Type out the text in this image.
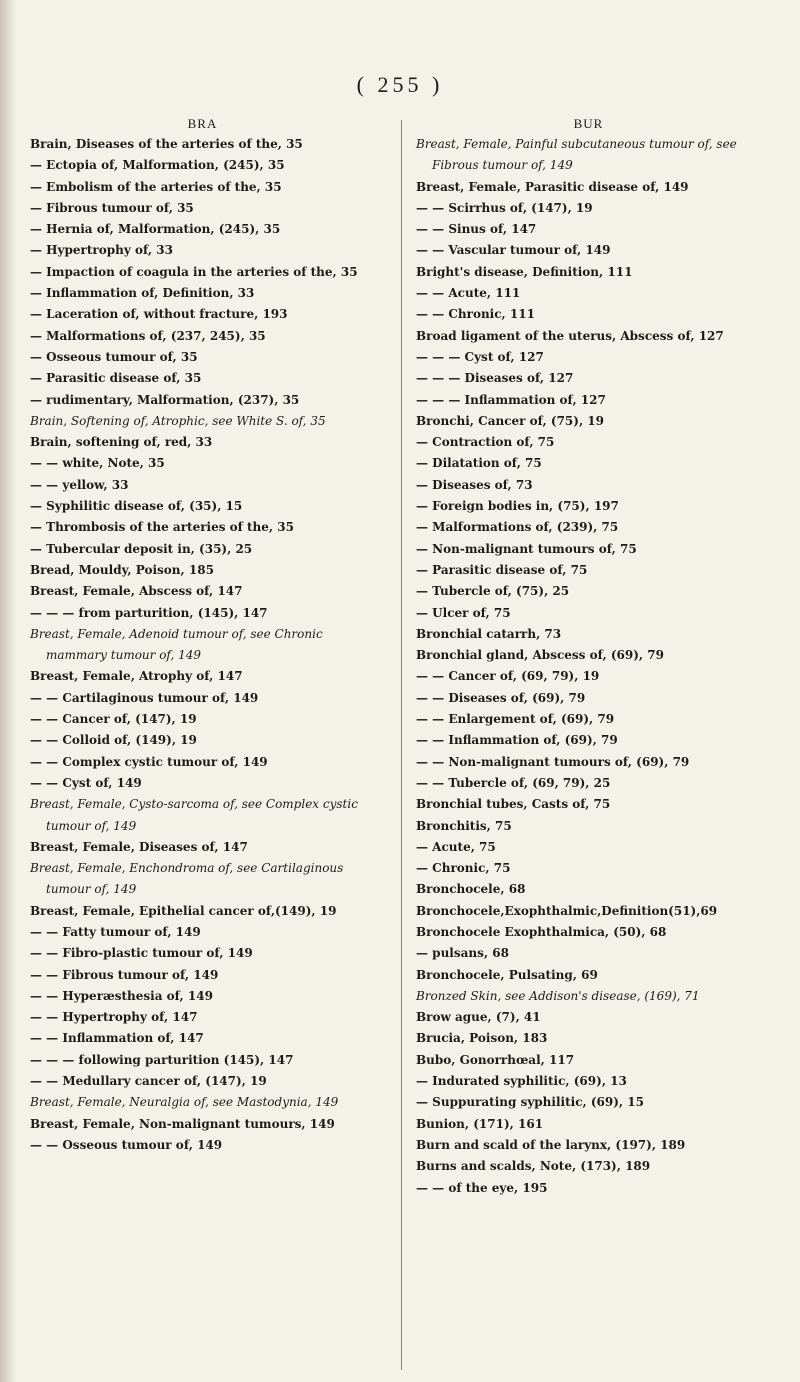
( 255 )
BRA
Brain, Diseases of the arteries of the, 35
— Ectopia of, Malformation, (245), 35
— Embolism of the arteries of the, 35
— Fibrous tumour of, 35
— Hernia of, Malformation, (245), 35
— Hypertrophy of, 33
— Impaction of coagula in the arteries of the, 35
— Inflammation of, Definition, 33
— Laceration of, without fracture, 193
— Malformations of, (237, 245), 35
— Osseous tumour of, 35
— Parasitic disease of, 35
— rudimentary, Malformation, (237), 35
Brain, Softening of, Atrophic, see White S. of, 35
Brain, softening of, red, 33
— — white, Note, 35
— — yellow, 33
— Syphilitic disease of, (35), 15
— Thrombosis of the arteries of the, 35
— Tubercular deposit in, (35), 25
Bread, Mouldy, Poison, 185
Breast, Female, Abscess of, 147
— — — from parturition, (145), 147
Breast, Female, Adenoid tumour of, see Chronic mammary tumour of, 149
Breast, Female, Atrophy of, 147
— — Cartilaginous tumour of, 149
— — Cancer of, (147), 19
— — Colloid of, (149), 19
— — Complex cystic tumour of, 149
— — Cyst of, 149
Breast, Female, Cysto-sarcoma of, see Complex cystic tumour of, 149
Breast, Female, Diseases of, 147
Breast, Female, Enchondroma of, see Cartilaginous tumour of, 149
Breast, Female, Epithelial cancer of,(149), 19
— — Fatty tumour of, 149
— — Fibro-plastic tumour of, 149
— — Fibrous tumour of, 149
— — Hyperæsthesia of, 149
— — Hypertrophy of, 147
— — Inflammation of, 147
— — — following parturition (145), 147
— — Medullary cancer of, (147), 19
Breast, Female, Neuralgia of, see Mastodynia, 149
Breast, Female, Non-malignant tumours, 149
— — Osseous tumour of, 149
BUR
Breast, Female, Painful subcutaneous tumour of, see Fibrous tumour of, 149
Breast, Female, Parasitic disease of, 149
— — Scirrhus of, (147), 19
— — Sinus of, 147
— — Vascular tumour of, 149
Bright's disease, Definition, 111
— — Acute, 111
— — Chronic, 111
Broad ligament of the uterus, Abscess of, 127
— — — Cyst of, 127
— — — Diseases of, 127
— — — Inflammation of, 127
Bronchi, Cancer of, (75), 19
— Contraction of, 75
— Dilatation of, 75
— Diseases of, 73
— Foreign bodies in, (75), 197
— Malformations of, (239), 75
— Non-malignant tumours of, 75
— Parasitic disease of, 75
— Tubercle of, (75), 25
— Ulcer of, 75
Bronchial catarrh, 73
Bronchial gland, Abscess of, (69), 79
— — Cancer of, (69, 79), 19
— — Diseases of, (69), 79
— — Enlargement of, (69), 79
— — Inflammation of, (69), 79
— — Non-malignant tumours of, (69), 79
— — Tubercle of, (69, 79), 25
Bronchial tubes, Casts of, 75
Bronchitis, 75
— Acute, 75
— Chronic, 75
Bronchocele, 68
Bronchocele,Exophthalmic,Definition(51),69
Bronchocele Exophthalmica, (50), 68
— pulsans, 68
Bronchocele, Pulsating, 69
Bronzed Skin, see Addison's disease, (169), 71
Brow ague, (7), 41
Brucia, Poison, 183
Bubo, Gonorrhœal, 117
— Indurated syphilitic, (69), 13
— Suppurating syphilitic, (69), 15
Bunion, (171), 161
Burn and scald of the larynx, (197), 189
Burns and scalds, Note, (173), 189
— — of the eye, 195
